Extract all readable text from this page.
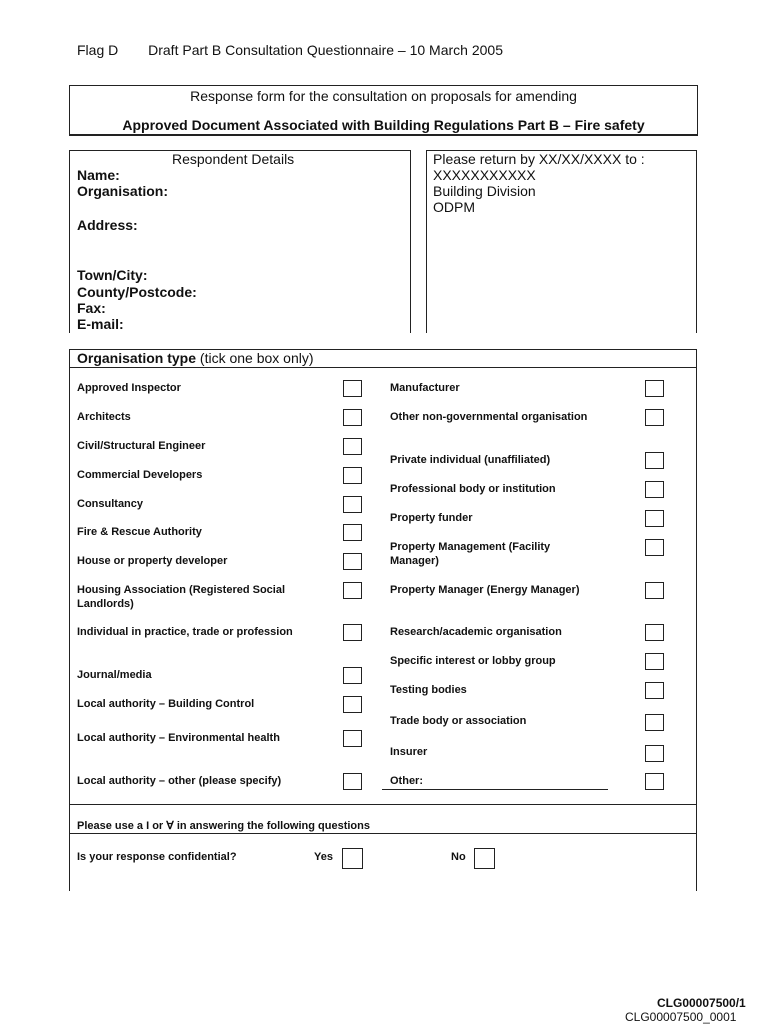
Flag D Draft Part B Consultation Questionnaire – 10 March 2005
Response form for the consultation on proposals for amending
Approved Document Associated with Building Regulations Part B – Fire safety
Respondent Details
Name:
Organisation:
Address:
Town/City:
County/Postcode:
Fax:
E-mail:
Please return by XX/XX/XXXX to :
XXXXXXXXXXX
Building Division
ODPM
Organisation type (tick one box only)
Approved Inspector
Architects
Civil/Structural Engineer
Commercial Developers
Consultancy
Fire & Rescue Authority
House or property developer
Housing Association (Registered Social Landlords)
Individual in practice, trade or profession
Journal/media
Local authority – Building Control
Local authority – Environmental health
Local authority – other (please specify)
Manufacturer
Other non-governmental organisation
Private individual (unaffiliated)
Professional body or institution
Property funder
Property Management (Facility Manager)
Property Manager (Energy Manager)
Research/academic organisation
Specific interest or lobby group
Testing bodies
Trade body or association
Insurer
Other:
Please use a I or ∀ in answering the following questions
Is your response confidential?	Yes	No
CLG00007500/1
CLG00007500_0001
